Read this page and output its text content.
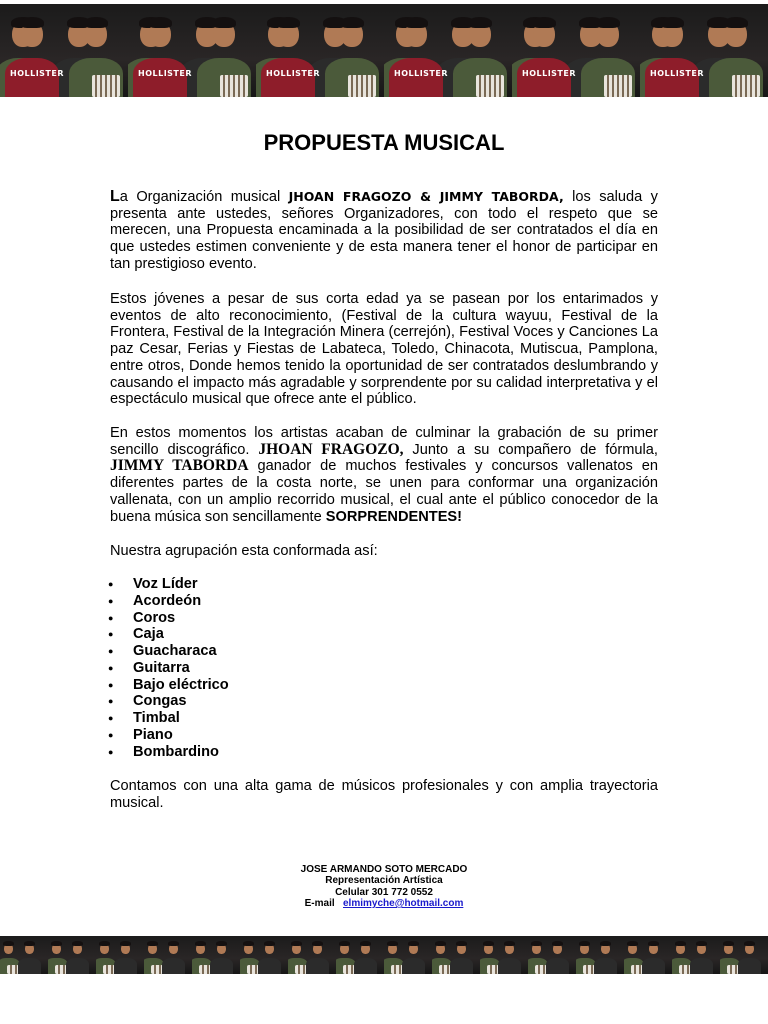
HOLLISTER	HOLLISTER	HOLLISTER	HOLLISTER	HOLLISTER	HOLLISTER
PROPUESTA MUSICAL
La Organización musical JHOAN FRAGOZO & JIMMY TABORDA, los saluda y presenta ante ustedes, señores Organizadores, con todo el respeto que se merecen, una Propuesta encaminada a la posibilidad de ser contratados el día en que ustedes estimen conveniente y de esta manera tener el honor de participar en tan prestigioso evento.
Estos jóvenes a pesar de sus corta edad ya se pasean por los entarimados y eventos de alto reconocimiento, (Festival de la cultura wayuu, Festival de la Frontera, Festival de la Integración Minera (cerrejón), Festival Voces y Canciones La paz Cesar, Ferias y Fiestas de Labateca, Toledo, Chinacota, Mutiscua, Pamplona, entre otros, Donde hemos tenido la oportunidad de ser contratados deslumbrando y causando el impacto más agradable y sorprendente por su calidad interpretativa y el espectáculo musical que ofrece ante el público.
En estos momentos los artistas acaban de culminar la grabación de su primer sencillo discográfico. JHOAN FRAGOZO, Junto a su compañero de fórmula, JIMMY TABORDA ganador de muchos festivales y concursos vallenatos en diferentes partes de la costa norte, se unen para conformar una organización vallenata, con un amplio recorrido musical, el cual ante el público conocedor de la buena música son sencillamente SORPRENDENTES!
Nuestra agrupación esta conformada así:
● Voz Líder
● Acordeón
● Coros
● Caja
● Guacharaca
● Guitarra
● Bajo eléctrico
● Congas
● Timbal
● Piano
● Bombardino
Contamos con una alta gama de músicos profesionales y con amplia trayectoria musical.
JOSE ARMANDO SOTO MERCADO
Representación Artística
Celular 301 772 0552
E-mail elmimyche@hotmail.com
